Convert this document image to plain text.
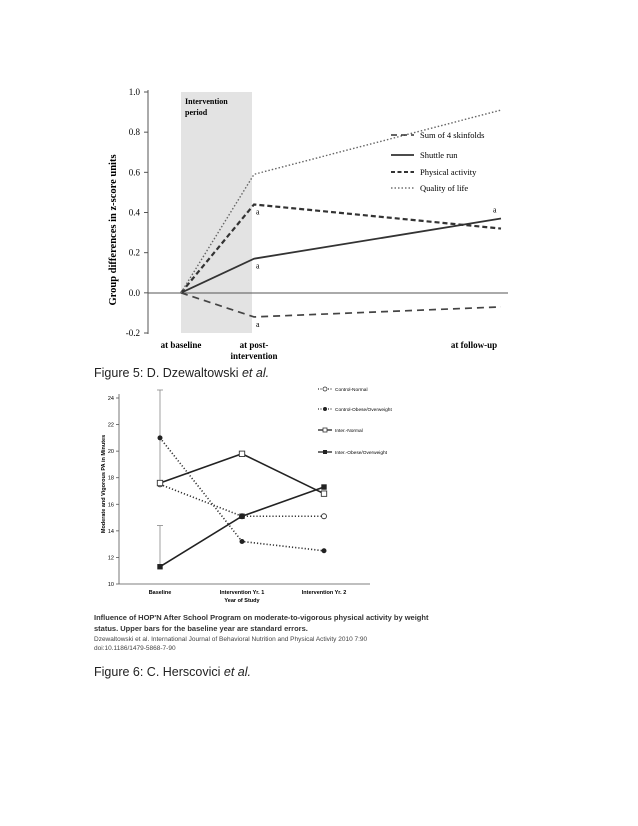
Intervention
period
Group differences in z-score units
1.0
0.8
0.6
0.4
0.2
0.0
-0.2
a
a
a
a
at baseline	at post-
intervention
at follow-up
Sum of 4 skinfolds
Shuttle run
Physical activity
Quality of life
Figure 5: D. Dzewaltowski et al.
Moderate and Vigorous PA in Minutes
24
22
20
18
16
14
12
10
Baseline	Intervention Yr. 1	Intervention Yr. 2
Year of Study
Control-Normal
Control-Obese/Overweight
Inter.-Normal
Inter.-Obese/Overweight
Influence of HOP'N After School Program on moderate-to-vigorous physical activity by weight
status. Upper bars for the baseline year are standard errors.
Dzewaltowski et al. International Journal of Behavioral Nutrition and Physical Activity 2010 7:90
doi:10.1186/1479-5868-7-90
Figure 6: C. Herscovici et al.
